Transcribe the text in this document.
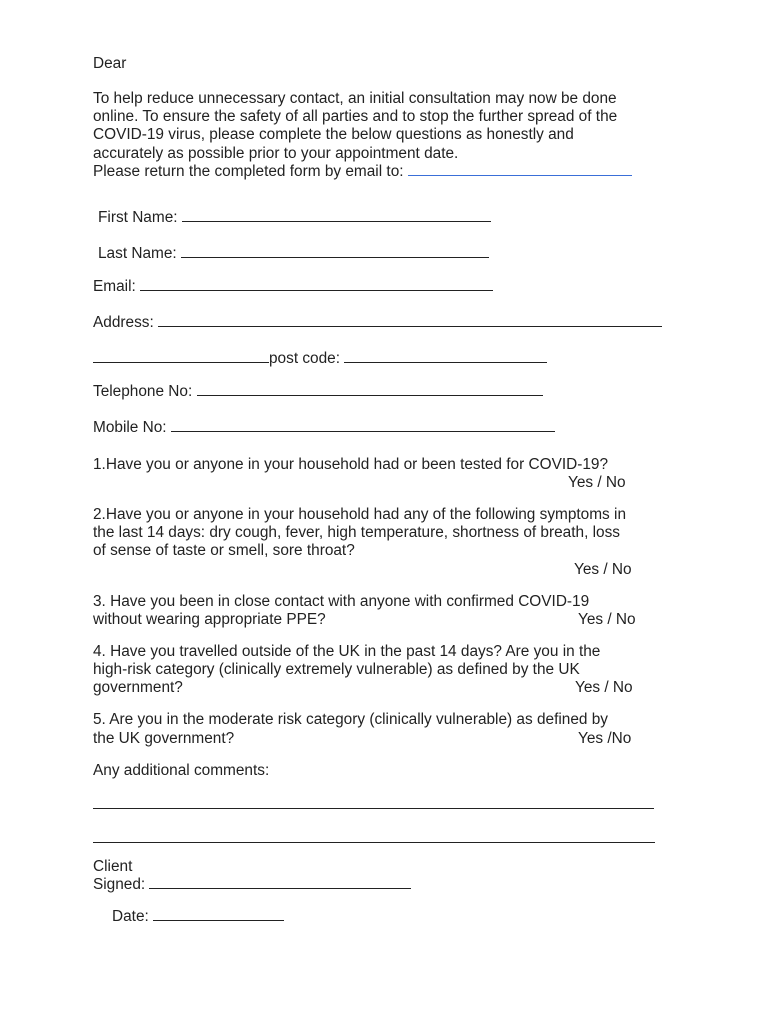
Dear
To help reduce unnecessary contact, an initial consultation may now be done
online. To ensure the safety of all parties and to stop the further spread of the
COVID-19 virus, please complete the below questions as honestly and
accurately as possible prior to your appointment date.
Please return the completed form by email to:
First Name:
Last Name:
Email:
Address:
post code:
Telephone No:
Mobile No:
1.Have you or anyone in your household had or been tested for COVID-19?
Yes / No
2.Have you or anyone in your household had any of the following symptoms in
the last 14 days: dry cough, fever, high temperature, shortness of breath, loss
of sense of taste or smell, sore throat?
Yes / No
3. Have you been in close contact with anyone with confirmed COVID-19
without wearing appropriate PPE?	Yes / No
4. Have you travelled outside of the UK in the past 14 days? Are you in the
high-risk category (clinically extremely vulnerable) as defined by the UK
government?	Yes / No
5. Are you in the moderate risk category (clinically vulnerable) as defined by
the UK government?	Yes /No
Any additional comments:
Client
Signed:
Date:
